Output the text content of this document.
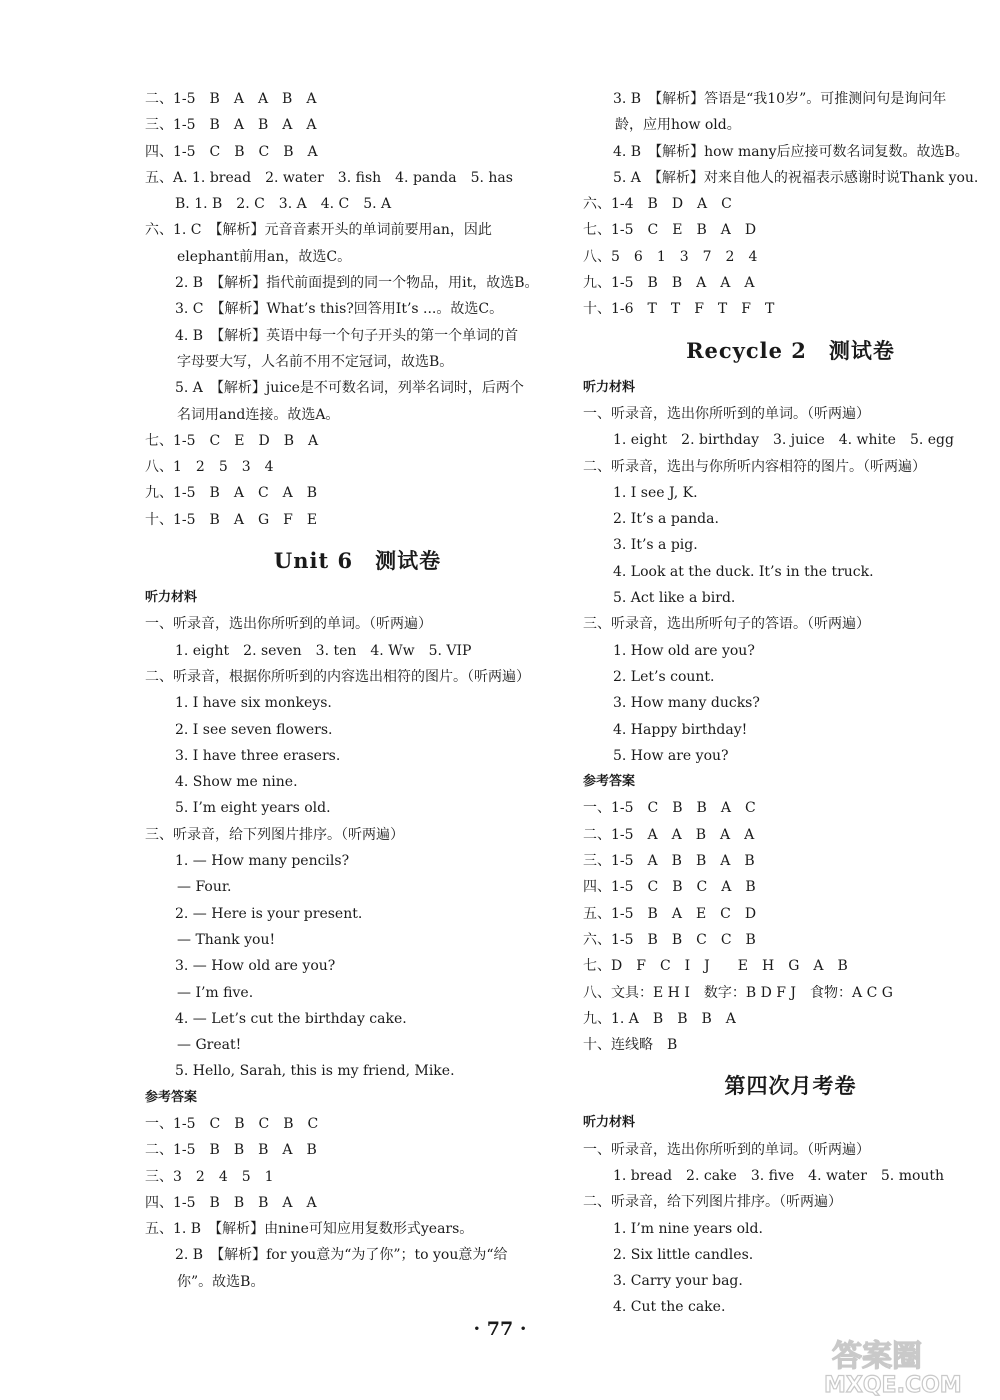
二、1-5　B　A　A　B　A
三、1-5　B　A　B　A　A
四、1-5　C　B　C　B　A
五、A. 1. bread　2. water　3. fish　4. panda　5. has
B. 1. B　2. C　3. A　4. C　5. A
六、1. C　【解析】元音音素开头的单词前要用an，因此
elephant前用an，故选C。
2. B　【解析】指代前面提到的同一个物品，用it，故选B。
3. C　【解析】What’s this?回答用It’s ...。故选C。
4. B　【解析】英语中每一个句子开头的第一个单词的首
字母要大写，人名前不用不定冠词，故选B。
5. A　【解析】juice是不可数名词，列举名词时，后两个
名词用and连接。故选A。
七、1-5　C　E　D　B　A
八、1　2　5　3　4
九、1-5　B　A　C　A　B
十、1-5　B　A　G　F　E
Unit 6　测试卷
听力材料
一、听录音，选出你所听到的单词。（听两遍）
1. eight　2. seven　3. ten　4. Ww　5. VIP
二、听录音，根据你所听到的内容选出相符的图片。（听两遍）
1. I have six monkeys.
2. I see seven flowers.
3. I have three erasers.
4. Show me nine.
5. I’m eight years old.
三、听录音，给下列图片排序。（听两遍）
1. — How many pencils?
— Four.
2. — Here is your present.
— Thank you!
3. — How old are you?
— I’m five.
4. — Let’s cut the birthday cake.
— Great!
5. Hello, Sarah, this is my friend, Mike.
参考答案
一、1-5　C　B　C　B　C
二、1-5　B　B　B　A　B
三、3　2　4　5　1
四、1-5　B　B　B　A　A
五、1. B　【解析】由nine可知应用复数形式years。
2. B　【解析】for you意为“为了你”；to you意为“给
你”。故选B。
3. B　【解析】答语是“我10岁”。可推测问句是询问年
龄，应用how old。
4. B　【解析】how many后应接可数名词复数。故选B。
5. A　【解析】对来自他人的祝福表示感谢时说Thank you.
六、1-4　B　D　A　C
七、1-5　C　E　B　A　D
八、5　6　1　3　7　2　4
九、1-5　B　B　A　A　A
十、1-6　T　T　F　T　F　T
Recycle 2　测试卷
听力材料
一、听录音，选出你所听到的单词。（听两遍）
1. eight　2. birthday　3. juice　4. white　5. egg
二、听录音，选出与你所听内容相符的图片。（听两遍）
1. I see J, K.
2. It’s a panda.
3. It’s a pig.
4. Look at the duck. It’s in the truck.
5. Act like a bird.
三、听录音，选出所听句子的答语。（听两遍）
1. How old are you?
2. Let’s count.
3. How many ducks?
4. Happy birthday!
5. How are you?
参考答案
一、1-5　C　B　B　A　C
二、1-5　A　A　B　A　A
三、1-5　A　B　B　A　B
四、1-5　C　B　C　A　B
五、1-5　B　A　E　C　D
六、1-5　B　B　C　C　B
七、D　F　C　I　J　　E　H　G　A　B
八、文具：E H I　数字：B D F J　食物：A C G
九、1. A　B　B　B　A
十、连线略　B
第四次月考卷
听力材料
一、听录音，选出你所听到的单词。（听两遍）
1. bread　2. cake　3. five　4. water　5. mouth
二、听录音，给下列图片排序。（听两遍）
1. I’m nine years old.
2. Six little candles.
3. Carry your bag.
4. Cut the cake.
· 77 ·
答案圈
MXQE.COM
